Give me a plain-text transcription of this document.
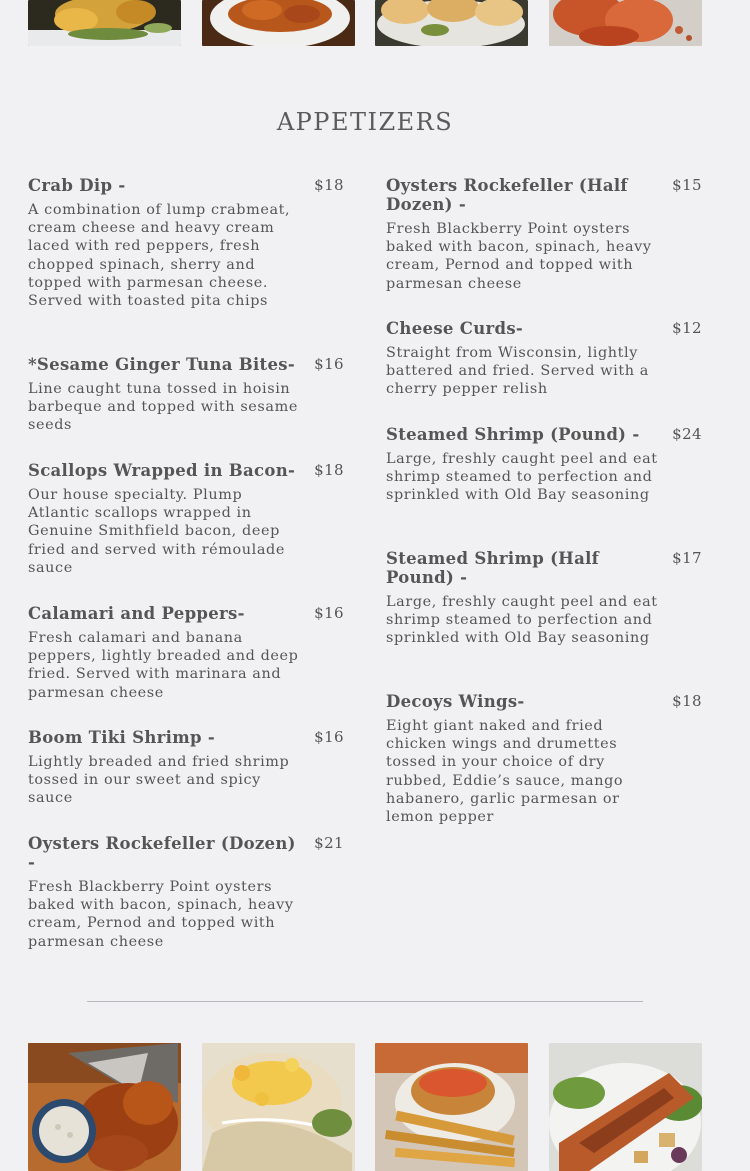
APPETIZERS
Crab Dip -	$18

A combination of lump crabmeat, cream cheese and heavy cream laced with red peppers, fresh chopped spinach, sherry and topped with parmesan cheese. Served with toasted pita chips

*Sesame Ginger Tuna Bites-	$16

Line caught tuna tossed in hoisin barbeque and topped with sesame seeds

Scallops Wrapped in Bacon-	$18

Our house specialty. Plump Atlantic scallops wrapped in Genuine Smithfield bacon, deep fried and served with rémoulade sauce

Calamari and Peppers-	$16

Fresh calamari and banana peppers, lightly breaded and deep fried. Served with marinara and parmesan cheese

Boom Tiki Shrimp -	$16

Lightly breaded and fried shrimp tossed in our sweet and spicy sauce

Oysters Rockefeller (Dozen) -
$21

Fresh Blackberry Point oysters baked with bacon, spinach, heavy cream, Pernod and topped with parmesan cheese

Oysters Rockefeller (Half Dozen) -
$15

Fresh Blackberry Point oysters baked with bacon, spinach, heavy cream, Pernod and topped with parmesan cheese

Cheese Curds-	$12

Straight from Wisconsin, lightly battered and fried. Served with a cherry pepper relish

Steamed Shrimp (Pound) -	$24

Large, freshly caught peel and eat shrimp steamed to perfection and sprinkled with Old Bay seasoning

Steamed Shrimp (Half Pound) -
$17

Large, freshly caught peel and eat shrimp steamed to perfection and sprinkled with Old Bay seasoning

Decoys Wings-	$18

Eight giant naked and fried chicken wings and drumettes tossed in your choice of dry rubbed, Eddie’s sauce, mango habanero, garlic parmesan or lemon pepper
